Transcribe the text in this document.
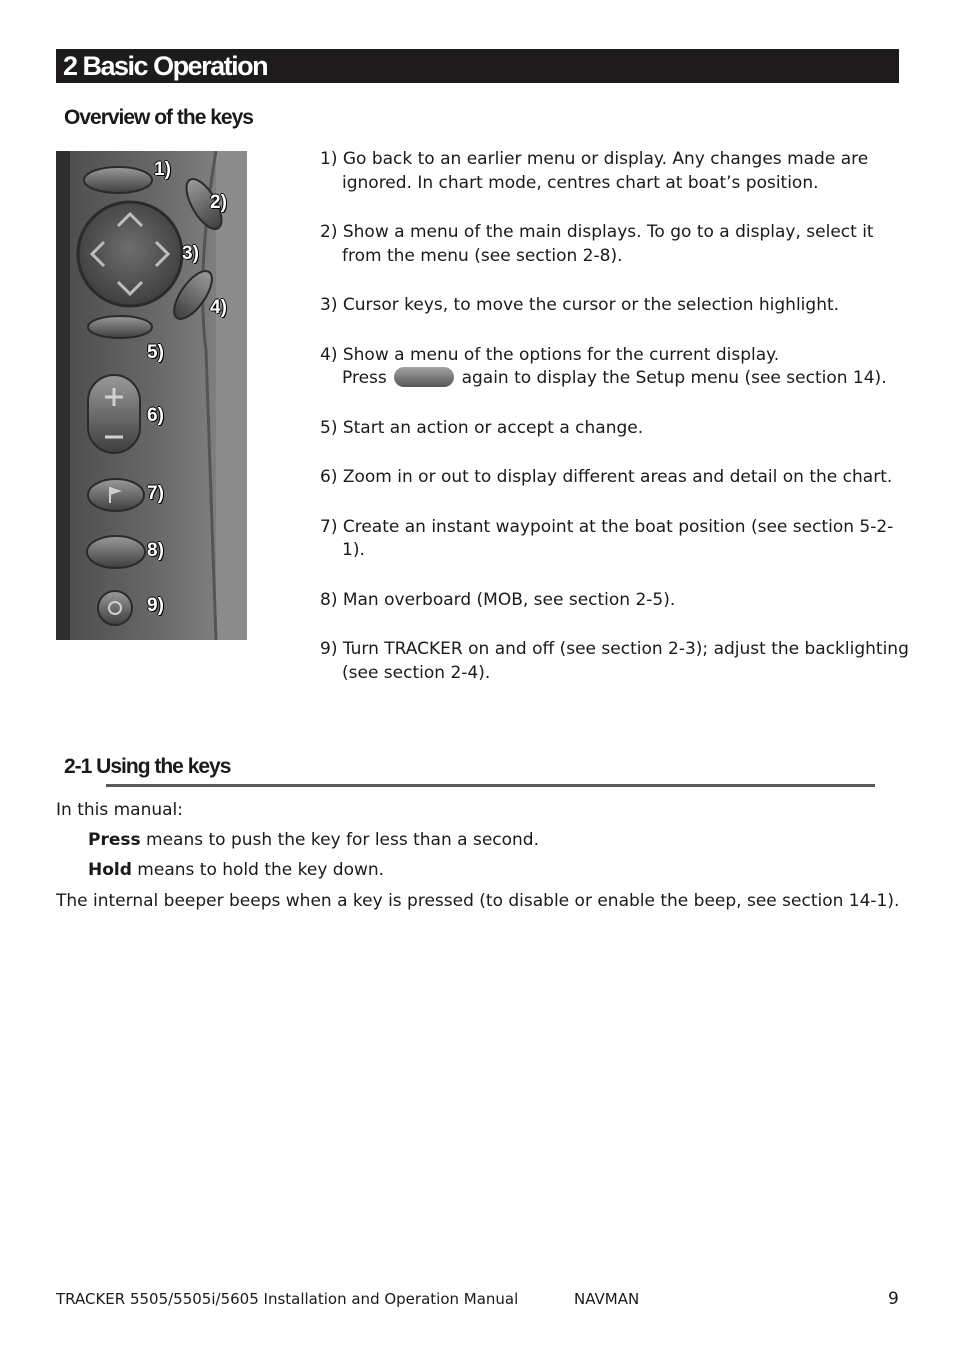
2 Basic Operation
Overview of the keys
1)
2)
3)
4)
5)
6)
7)
8)
9)
1) Go back to an earlier menu or display. Any changes made are ignored. In chart mode, centres chart at boat’s position.
2) Show a menu of the main displays. To go to a display, select it from the menu (see section 2-8).
3) Cursor keys, to move the cursor or the selection highlight.
4) Show a menu of the options for the current display.
Press	again to display the Setup menu (see section 14).
5) Start an action or accept a change.
6) Zoom in or out to display different areas and detail on the chart.
7) Create an instant waypoint at the boat position (see section 5-2-1).
8) Man overboard (MOB, see section 2-5).
9) Turn TRACKER on and off (see section 2-3); adjust the backlighting (see section 2-4).
2-1 Using the keys
In this manual:
Press means to push the key for less than a second.
Hold means to hold the key down.
The internal beeper beeps when a key is pressed (to disable or enable the beep, see section 14-1).
TRACKER 5505/5505i/5605 Installation and Operation Manual	NAVMAN	9
